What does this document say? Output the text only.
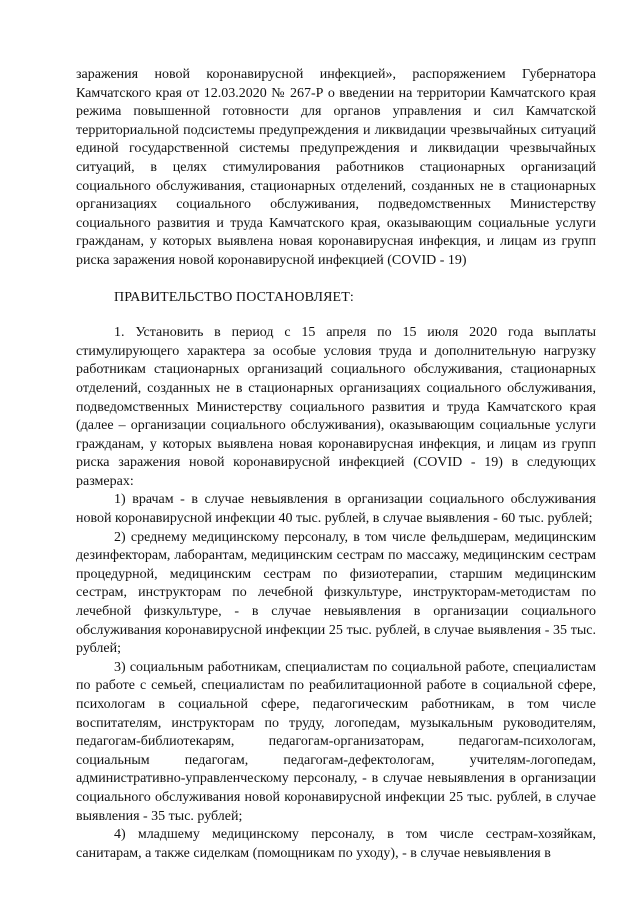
заражения новой коронавирусной инфекцией», распоряжением Губернатора Камчатского края от 12.03.2020 № 267-Р о введении на территории Камчатского края режима повышенной готовности для органов управления и сил Камчатской территориальной подсистемы предупреждения и ликвидации чрезвычайных ситуаций единой государственной системы предупреждения и ликвидации чрезвычайных ситуаций, в целях стимулирования работников стационарных организаций социального обслуживания, стационарных отделений, созданных не в стационарных организациях социального обслуживания, подведомственных Министерству социального развития и труда Камчатского края, оказывающим социальные услуги гражданам, у которых выявлена новая коронавирусная инфекция, и лицам из групп риска заражения новой коронавирусной инфекцией (COVID - 19)

ПРАВИТЕЛЬСТВО ПОСТАНОВЛЯЕТ:

1. Установить в период с 15 апреля по 15 июля 2020 года выплаты стимулирующего характера за особые условия труда и дополнительную нагрузку работникам стационарных организаций социального обслуживания, стационарных отделений, созданных не в стационарных организациях социального обслуживания, подведомственных Министерству социального развития и труда Камчатского края (далее – организации социального обслуживания), оказывающим социальные услуги гражданам, у которых выявлена новая коронавирусная инфекция, и лицам из групп риска заражения новой коронавирусной инфекцией (COVID - 19) в следующих размерах:

1) врачам - в случае невыявления в организации социального обслуживания новой коронавирусной инфекции 40 тыс. рублей, в случае выявления - 60 тыс. рублей;

2) среднему медицинскому персоналу, в том числе фельдшерам, медицинским дезинфекторам, лаборантам, медицинским сестрам по массажу, медицинским сестрам процедурной, медицинским сестрам по физиотерапии, старшим медицинским сестрам, инструкторам по лечебной физкультуре, инструкторам-методистам по лечебной физкультуре, - в случае невыявления в организации социального обслуживания коронавирусной инфекции 25 тыс. рублей, в случае выявления - 35 тыс. рублей;

3) социальным работникам, специалистам по социальной работе, специалистам по работе с семьей, специалистам по реабилитационной работе в социальной сфере, психологам в социальной сфере, педагогическим работникам, в том числе воспитателям, инструкторам по труду, логопедам, музыкальным руководителям, педагогам-библиотекарям, педагогам-организаторам, педагогам-психологам, социальным педагогам, педагогам-дефектологам, учителям-логопедам, административно-управленческому персоналу, - в случае невыявления в организации социального обслуживания новой коронавирусной инфекции 25 тыс. рублей, в случае выявления - 35 тыс. рублей;

4) младшему медицинскому персоналу, в том числе сестрам-хозяйкам, санитарам, а также сиделкам (помощникам по уходу), - в случае невыявления в
